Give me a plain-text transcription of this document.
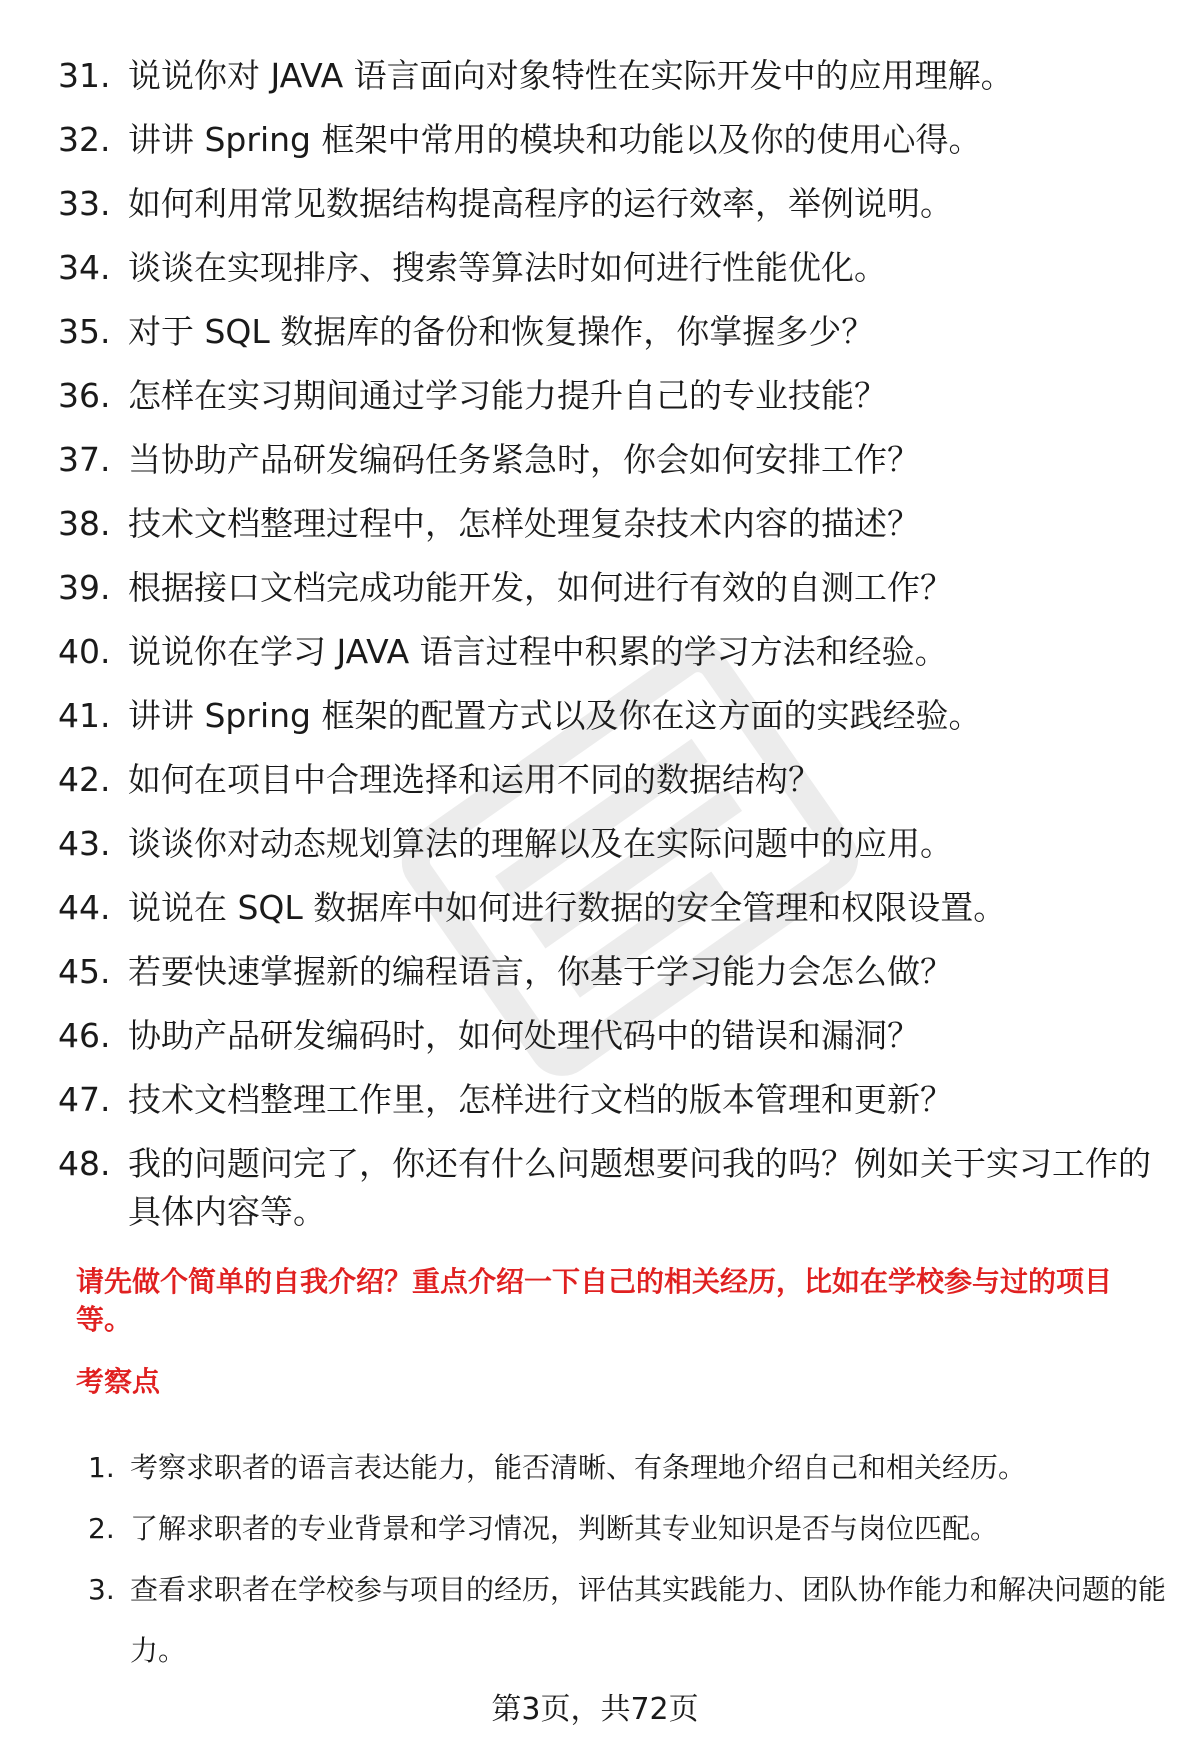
31. 说说你对 JAVA 语言面向对象特性在实际开发中的应用理解。
32. 讲讲 Spring 框架中常用的模块和功能以及你的使用心得。
33. 如何利用常见数据结构提高程序的运行效率，举例说明。
34. 谈谈在实现排序、搜索等算法时如何进行性能优化。
35. 对于 SQL 数据库的备份和恢复操作，你掌握多少？
36. 怎样在实习期间通过学习能力提升自己的专业技能？
37. 当协助产品研发编码任务紧急时，你会如何安排工作？
38. 技术文档整理过程中，怎样处理复杂技术内容的描述？
39. 根据接口文档完成功能开发，如何进行有效的自测工作？
40. 说说你在学习 JAVA 语言过程中积累的学习方法和经验。
41. 讲讲 Spring 框架的配置方式以及你在这方面的实践经验。
42. 如何在项目中合理选择和运用不同的数据结构？
43. 谈谈你对动态规划算法的理解以及在实际问题中的应用。
44. 说说在 SQL 数据库中如何进行数据的安全管理和权限设置。
45. 若要快速掌握新的编程语言，你基于学习能力会怎么做？
46. 协助产品研发编码时，如何处理代码中的错误和漏洞？
47. 技术文档整理工作里，怎样进行文档的版本管理和更新？
48. 我的问题问完了，你还有什么问题想要问我的吗？例如关于实习工作的具体内容等。

请先做个简单的自我介绍？重点介绍一下自己的相关经历，比如在学校参与过的项目等。

考察点

1. 考察求职者的语言表达能力，能否清晰、有条理地介绍自己和相关经历。
2. 了解求职者的专业背景和学习情况，判断其专业知识是否与岗位匹配。
3. 查看求职者在学校参与项目的经历，评估其实践能力、团队协作能力和解决问题的能力。

第3页，共72页
